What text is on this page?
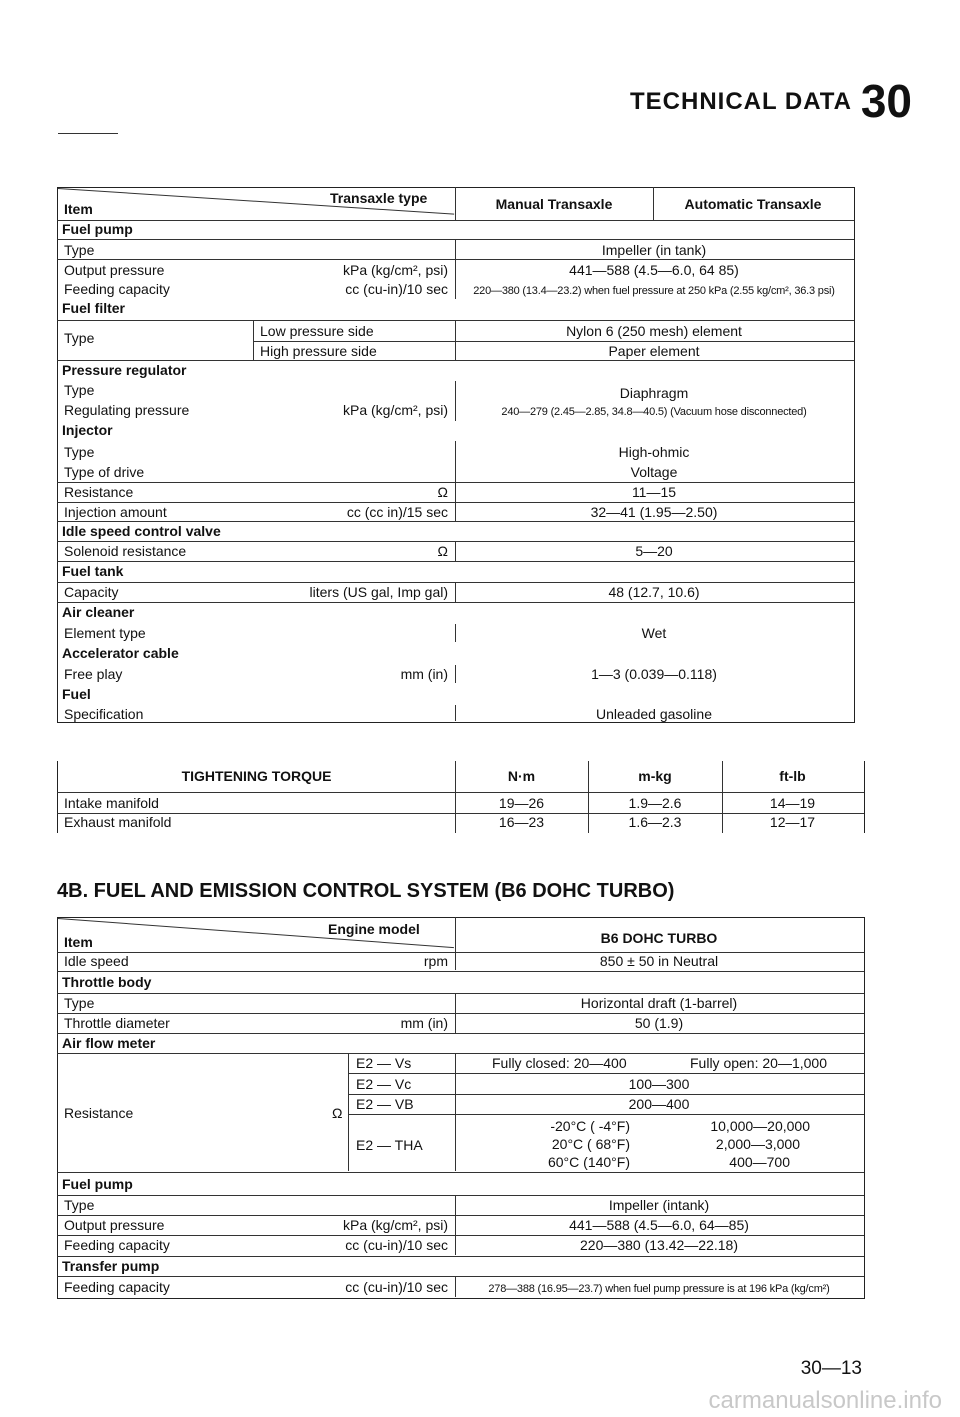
TECHNICAL DATA 30
Transaxle type
Item	Manual Transaxle	Automatic Transaxle
Fuel pump
Type	Impeller (in tank)
Output pressure	kPa (kg/cm², psi)	441—588 (4.5—6.0, 64 85)
Feeding capacity	cc (cu-in)/10 sec	220—380 (13.4—23.2) when fuel pressure at 250 kPa (2.55 kg/cm², 36.3 psi)
Fuel filter
Type	Low pressure side	Nylon 6 (250 mesh) element
High pressure side	Paper element
Pressure regulator
Type	Diaphragm
Regulating pressure	kPa (kg/cm², psi)	240—279 (2.45—2.85, 34.8—40.5) (Vacuum hose disconnected)
Injector
Type	High-ohmic
Type of drive	Voltage
Resistance	Ω	11—15
Injection amount	cc (cc in)/15 sec	32—41 (1.95—2.50)
Idle speed control valve
Solenoid resistance	Ω	5—20
Fuel tank
Capacity	liters (US gal, Imp gal)	48 (12.7, 10.6)
Air cleaner
Element type	Wet
Accelerator cable
Free play	mm (in)	1—3 (0.039—0.118)
Fuel
Specification	Unleaded gasoline
TIGHTENING TORQUE	N·m	m-kg	ft-lb
Intake manifold	19—26	1.9—2.6	14—19
Exhaust manifold	16—23	1.6—2.3	12—17
4B. FUEL AND EMISSION CONTROL SYSTEM (B6 DOHC TURBO)
Engine model
Item	B6 DOHC TURBO
Idle speed	rpm	850 ± 50 in Neutral
Throttle body
Type	Horizontal draft (1-barrel)
Throttle diameter	mm (in)	50 (1.9)
Air flow meter
Resistance	Ω
E2 — Vs	Fully closed: 20—400	Fully open: 20—1,000
E2 — Vc	100—300
E2 — VB	200—400
E2 — THA
-20°C ( -4°F)	10,000—20,000
20°C ( 68°F)	2,000—3,000
60°C (140°F)	400—700
Fuel pump
Type	Impeller (intank)
Output pressure	kPa (kg/cm², psi)	441—588 (4.5—6.0, 64—85)
Feeding capacity	cc (cu-in)/10 sec	220—380 (13.42—22.18)
Transfer pump
Feeding capacity	cc (cu-in)/10 sec	278—388 (16.95—23.7) when fuel pump pressure is at 196 kPa (kg/cm²)
30—13
carmanualsonline.info
